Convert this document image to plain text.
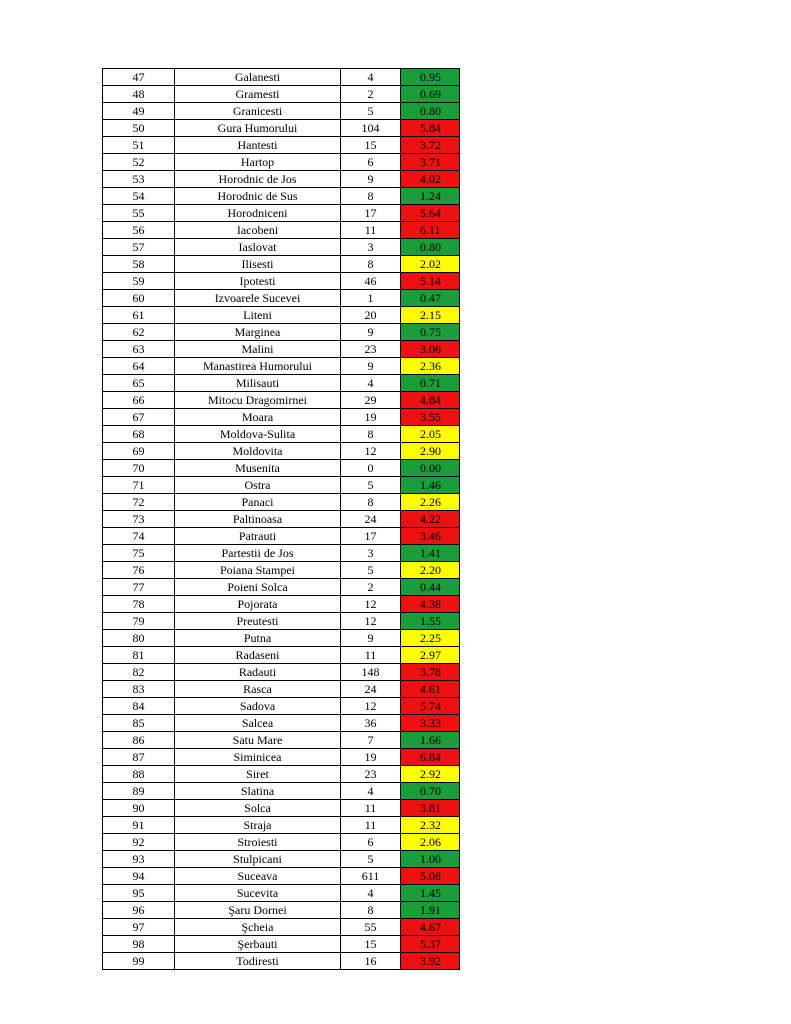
47	Galanesti	4	0.95
48	Gramesti	2	0.69
49	Granicesti	5	0.80
50	Gura Humorului	104	5.84
51	Hantesti	15	3.72
52	Hartop	6	3.71
53	Horodnic de Jos	9	4.02
54	Horodnic de Sus	8	1.24
55	Horodniceni	17	5.64
56	Iacobeni	11	6.11
57	Iaslovat	3	0.80
58	Ilisesti	8	2.02
59	Ipotesti	46	5.14
60	Izvoarele Sucevei	1	0.47
61	Liteni	20	2.15
62	Marginea	9	0.75
63	Malini	23	3.06
64	Manastirea Humorului	9	2.36
65	Milisauti	4	0.71
66	Mitocu Dragomirnei	29	4.84
67	Moara	19	3.55
68	Moldova-Sulita	8	2.05
69	Moldovita	12	2.90
70	Musenita	0	0.00
71	Ostra	5	1.46
72	Panaci	8	2.26
73	Paltinoasa	24	4.22
74	Patrauti	17	3.46
75	Partestii de Jos	3	1.41
76	Poiana Stampei	5	2.20
77	Poieni Solca	2	0.44
78	Pojorata	12	4.38
79	Preutesti	12	1.55
80	Putna	9	2.25
81	Radaseni	11	2.97
82	Radauti	148	3.78
83	Rasca	24	4.61
84	Sadova	12	5.74
85	Salcea	36	3.33
86	Satu Mare	7	1.66
87	Siminicea	19	6.84
88	Siret	23	2.92
89	Slatina	4	0.70
90	Solca	11	3.81
91	Straja	11	2.32
92	Stroiesti	6	2.06
93	Stulpicani	5	1.00
94	Suceava	611	5.08
95	Sucevita	4	1.45
96	Şaru Dornei	8	1.91
97	Şcheia	55	4.67
98	Şerbauti	15	5.37
99	Todiresti	16	3.92
